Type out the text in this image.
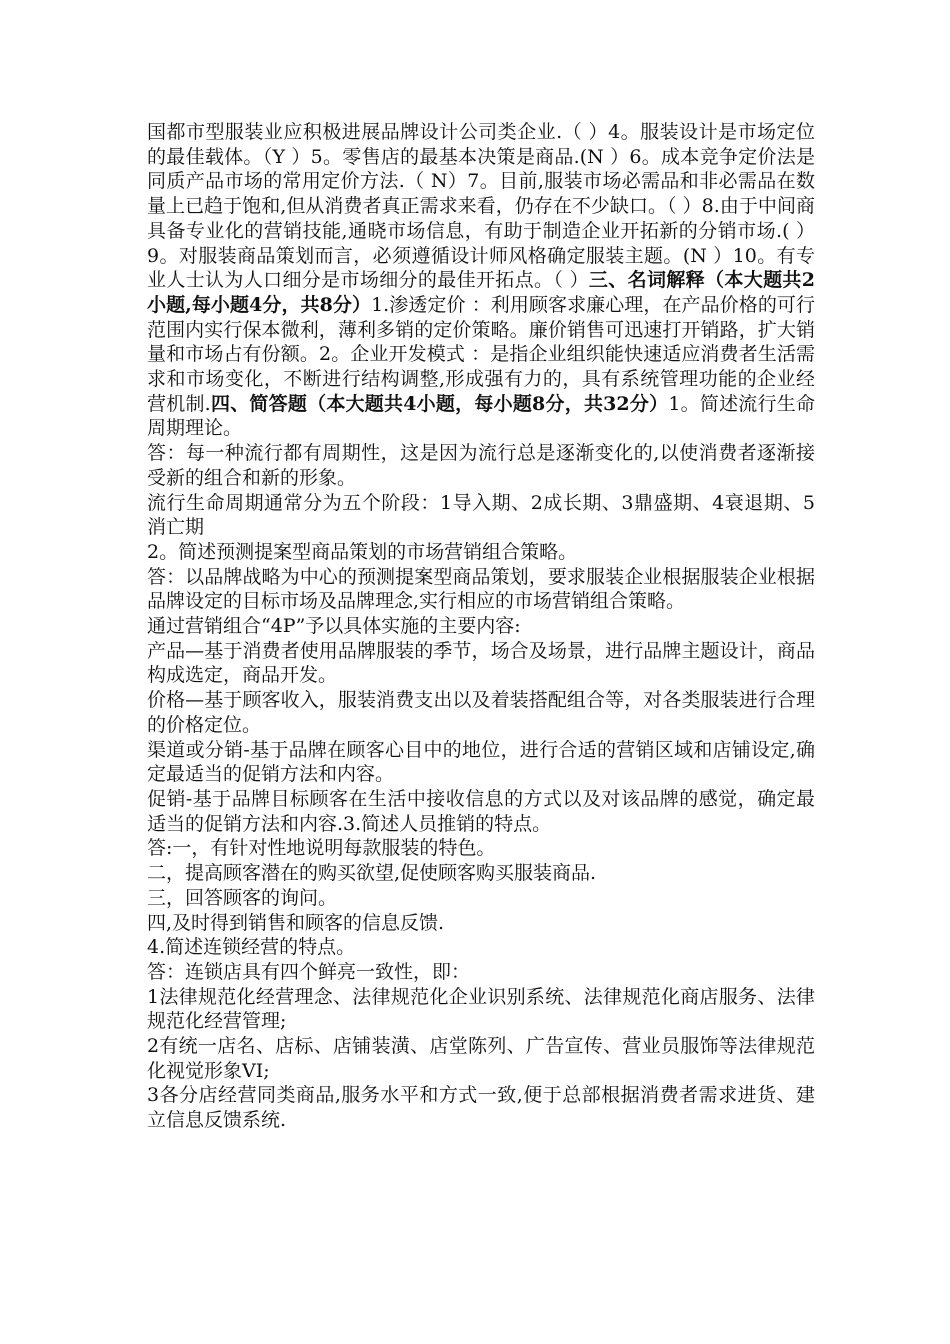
国都市型服装业应积极进展品牌设计公司类企业.（ ）4。服装设计是市场定位的最佳载体。（Y ）5。零售店的最基本决策是商品.(N ）6。成本竞争定价法是同质产品市场的常用定价方法.（ N）7。目前,服装市场必需品和非必需品在数量上已趋于饱和,但从消费者真正需求来看，仍存在不少缺口。（ ）8.由于中间商具备专业化的营销技能,通晓市场信息，有助于制造企业开拓新的分销市场.( ）9。对服装商品策划而言，必须遵循设计师风格确定服装主题。(N ）10。有专业人士认为人口细分是市场细分的最佳开拓点。（ ）三、名词解释（本大题共2小题,每小题4分，共8分）1.渗透定价 ：利用顾客求廉心理，在产品价格的可行范围内实行保本微利，薄利多销的定价策略。廉价销售可迅速打开销路，扩大销量和市场占有份额。2。企业开发模式 ：是指企业组织能快速适应消费者生活需求和市场变化，不断进行结构调整,形成强有力的，具有系统管理功能的企业经营机制.四、简答题（本大题共4小题，每小题8分，共32分）1。简述流行生命周期理论。

答：每一种流行都有周期性，这是因为流行总是逐渐变化的,以使消费者逐渐接受新的组合和新的形象。

流行生命周期通常分为五个阶段：1导入期、2成长期、3鼎盛期、4衰退期、5消亡期

2。简述预测提案型商品策划的市场营销组合策略。

答：以品牌战略为中心的预测提案型商品策划，要求服装企业根据服装企业根据品牌设定的目标市场及品牌理念,实行相应的市场营销组合策略。

通过营销组合“4P”予以具体实施的主要内容:

产品—基于消费者使用品牌服装的季节，场合及场景，进行品牌主题设计，商品构成选定，商品开发。

价格—基于顾客收入，服装消费支出以及着装搭配组合等，对各类服装进行合理的价格定位。

渠道或分销-基于品牌在顾客心目中的地位，进行合适的营销区域和店铺设定,确定最适当的促销方法和内容。

促销-基于品牌目标顾客在生活中接收信息的方式以及对该品牌的感觉，确定最适当的促销方法和内容.3.简述人员推销的特点。

答:一，有针对性地说明每款服装的特色。

二，提高顾客潜在的购买欲望,促使顾客购买服装商品.

三，回答顾客的询问。

四,及时得到销售和顾客的信息反馈.

4.简述连锁经营的特点。

答：连锁店具有四个鲜亮一致性，即：

1法律规范化经营理念、法律规范化企业识别系统、法律规范化商店服务、法律规范化经营管理;

2有统一店名、店标、店铺装潢、店堂陈列、广告宣传、营业员服饰等法律规范化视觉形象VI;

3各分店经营同类商品,服务水平和方式一致,便于总部根据消费者需求进货、建立信息反馈系统.
